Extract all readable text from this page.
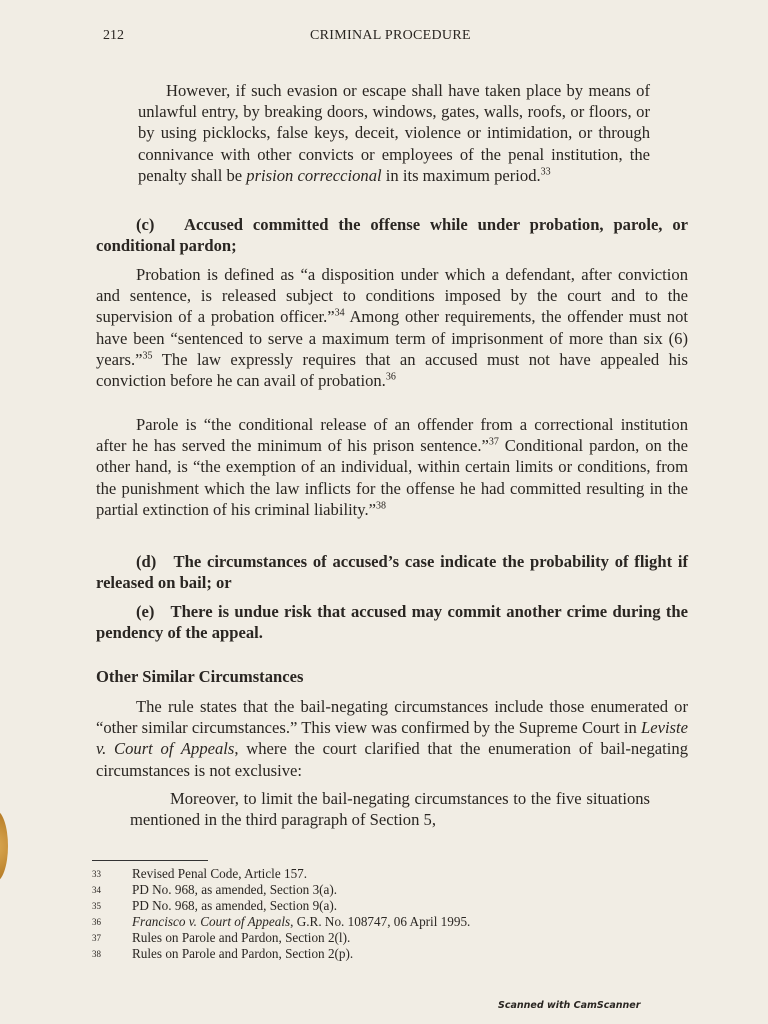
212	CRIMINAL PROCEDURE

However, if such evasion or escape shall have taken place by means of unlawful entry, by breaking doors, windows, gates, walls, roofs, or floors, or by using picklocks, false keys, deceit, violence or intimidation, or through connivance with other convicts or employees of the penal institution, the penalty shall be prision correccional in its maximum period.$^{33}$

(c)   Accused committed the offense while under probation, parole, or conditional pardon;

Probation is defined as “a disposition under which a defendant, after conviction and sentence, is released subject to conditions imposed by the court and to the supervision of a probation officer.”$^{34}$ Among other requirements, the offender must not have been “sentenced to serve a maximum term of imprisonment of more than six (6) years.”$^{35}$ The law expressly requires that an accused must not have appealed his conviction before he can avail of probation.$^{36}$

Parole is “the conditional release of an offender from a correctional institution after he has served the minimum of his prison sentence.”$^{37}$ Conditional pardon, on the other hand, is “the exemption of an individual, within certain limits or conditions, from the punishment which the law inflicts for the offense he had committed resulting in the partial extinction of his criminal liability.”$^{38}$

(d)   The circumstances of accused’s case indicate the probability of flight if released on bail; or

(e)   There is undue risk that accused may commit another crime during the pendency of the appeal.

Other Similar Circumstances

The rule states that the bail-negating circumstances include those enumerated or “other similar circumstances.” This view was confirmed by the Supreme Court in Leviste v. Court of Appeals, where the court clarified that the enumeration of bail-negating circumstances is not exclusive:

Moreover, to limit the bail-negating circumstances to the five situations mentioned in the third paragraph of Section 5,

33 Revised Penal Code, Article 157.
34 PD No. 968, as amended, Section 3(a).
35 PD No. 968, as amended, Section 9(a).
36 Francisco v. Court of Appeals, G.R. No. 108747, 06 April 1995.
37 Rules on Parole and Pardon, Section 2(l).
38 Rules on Parole and Pardon, Section 2(p).
Scanned with CamScanner
